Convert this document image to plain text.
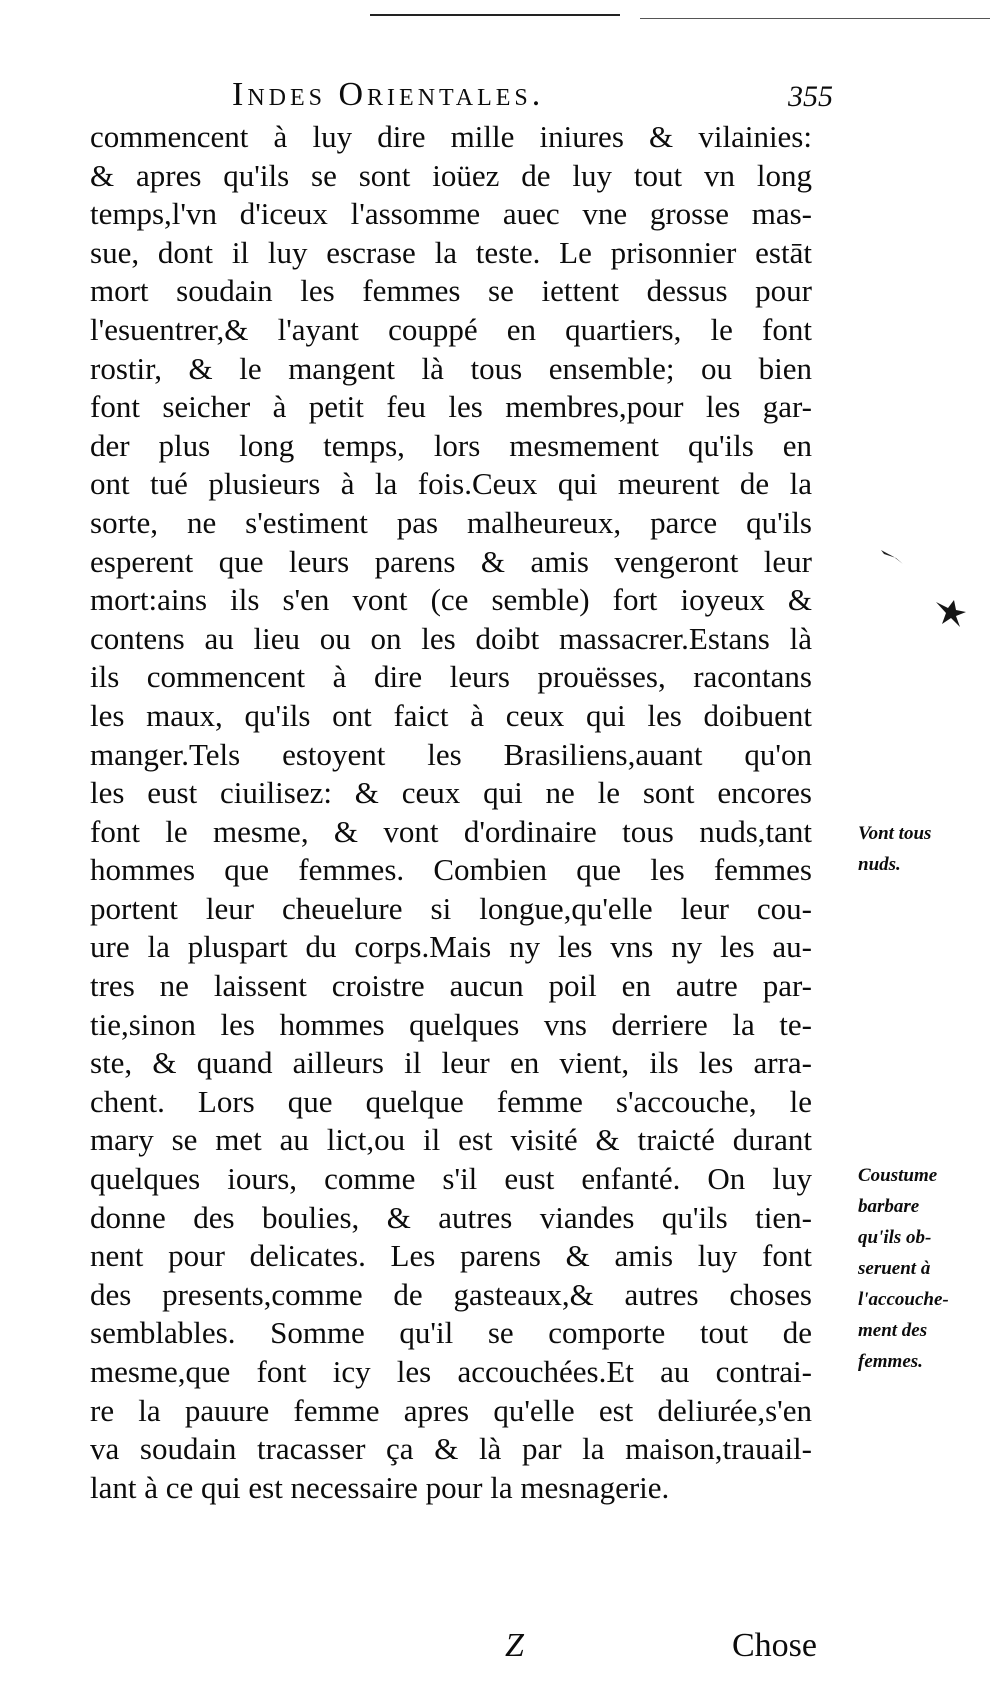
Indes Orientales.	355
commencent à luy dire mille iniures & vilainies:
& apres qu'ils se sont ioüez de luy tout vn long
temps,l'vn d'iceux l'assomme auec vne grosse mas-
sue, dont il luy escrase la teste. Le prisonnier estāt
mort soudain les femmes se iettent dessus pour
l'esuentrer,& l'ayant couppé en quartiers, le font
rostir, & le mangent là tous ensemble; ou bien
font seicher à petit feu les membres,pour les gar-
der plus long temps, lors mesmement qu'ils en
ont tué plusieurs à la fois.Ceux qui meurent de la
sorte, ne s'estiment pas malheureux, parce qu'ils
esperent que leurs parens & amis vengeront leur
mort:ains ils s'en vont (ce semble) fort ioyeux &
contens au lieu ou on les doibt massacrer.Estans là
ils commencent à dire leurs prouësses, racontans
les maux, qu'ils ont faict à ceux qui les doibuent
manger.Tels estoyent les Brasiliens,auant qu'on
les eust ciuilisez: & ceux qui ne le sont encores
font le mesme, & vont d'ordinaire tous nuds,tant
hommes que femmes. Combien que les femmes
portent leur cheuelure si longue,qu'elle leur cou-
ure la pluspart du corps.Mais ny les vns ny les au-
tres ne laissent croistre aucun poil en autre par-
tie,sinon les hommes quelques vns derriere la te-
ste, & quand ailleurs il leur en vient, ils les arra-
chent. Lors que quelque femme s'accouche, le
mary se met au lict,ou il est visité & traicté durant
quelques iours, comme s'il eust enfanté. On luy
donne des boulies, & autres viandes qu'ils tien-
nent pour delicates. Les parens & amis luy font
des presents,comme de gasteaux,& autres choses
semblables. Somme qu'il se comporte tout de
mesme,que font icy les accouchées.Et au contrai-
re la pauure femme apres qu'elle est deliurée,s'en
va soudain tracasser ça & là par la maison,trauail-
lant à ce qui est necessaire pour la mesnagerie.
Vont tous
nuds.
Coustume
barbare
qu'ils ob-
seruent à
l'accouche-
ment des
femmes.
Z	Chose
